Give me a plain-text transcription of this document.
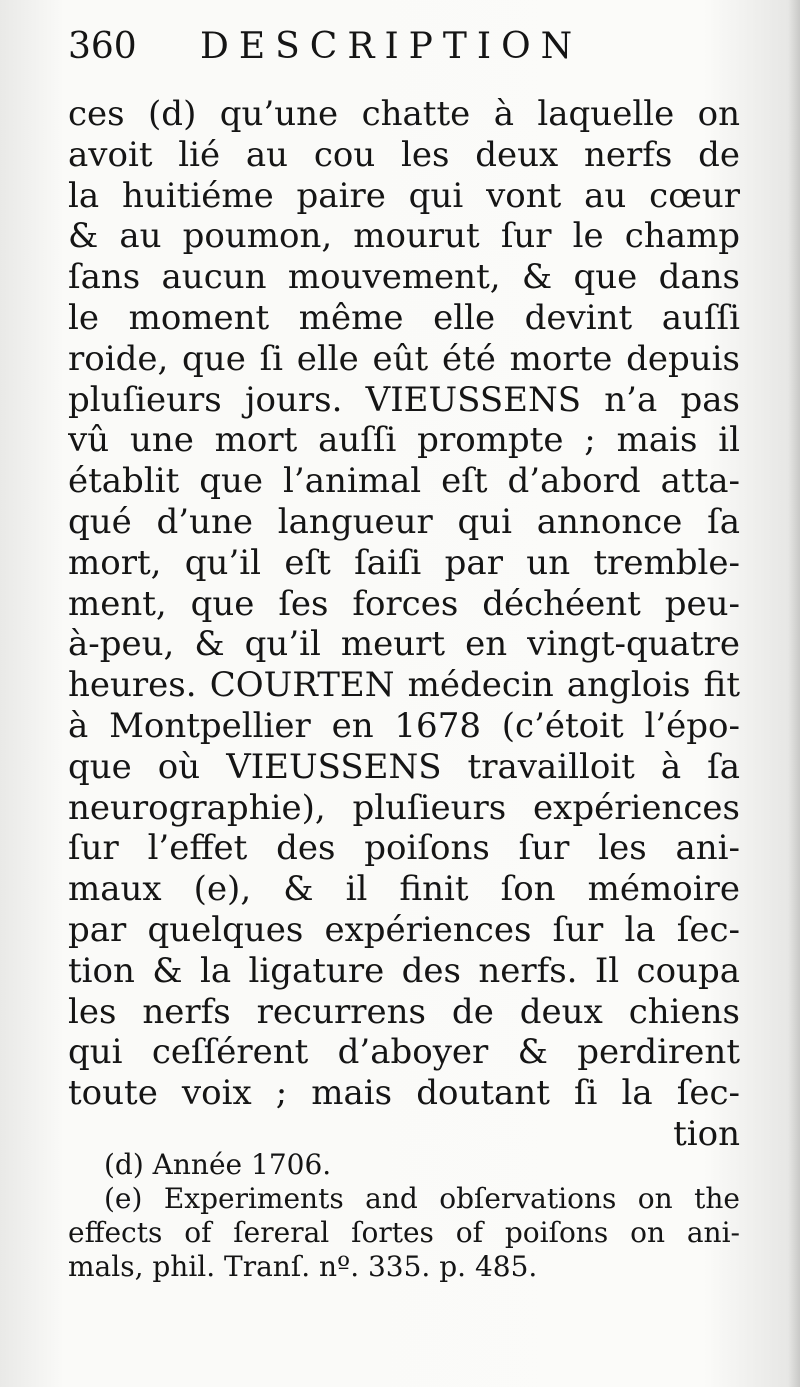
360 DESCRIPTION
ces (d) qu’une chatte à laquelle on
avoit lié au cou les deux nerfs de
la huitiéme paire qui vont au cœur
& au poumon, mourut ſur le champ
ſans aucun mouvement, & que dans
le moment même elle devint auſſi
roide, que ſi elle eût été morte depuis
pluſieurs jours. VIEUSSENS n’a pas
vû une mort auſſi prompte ; mais il
établit que l’animal eſt d’abord atta-
qué d’une langueur qui annonce ſa
mort, qu’il eſt ſaiſi par un tremble-
ment, que ſes forces déchéent peu-
à-peu, & qu’il meurt en vingt-quatre
heures. COURTEN médecin anglois fit
à Montpellier en 1678 (c’étoit l’épo-
que où VIEUSSENS travailloit à ſa
neurographie), pluſieurs expériences
ſur l’effet des poiſons ſur les ani-
maux (e), & il finit ſon mémoire
par quelques expériences ſur la ſec-
tion & la ligature des nerfs. Il coupa
les nerfs recurrens de deux chiens
qui ceſſérent d’aboyer & perdirent
toute voix ; mais doutant ſi la ſec-
tion
(d) Année 1706.
(e) Experiments and obſervations on the
effects of ſereral ſortes of poiſons on ani-
mals, phil. Tranſ. nº. 335. p. 485.
